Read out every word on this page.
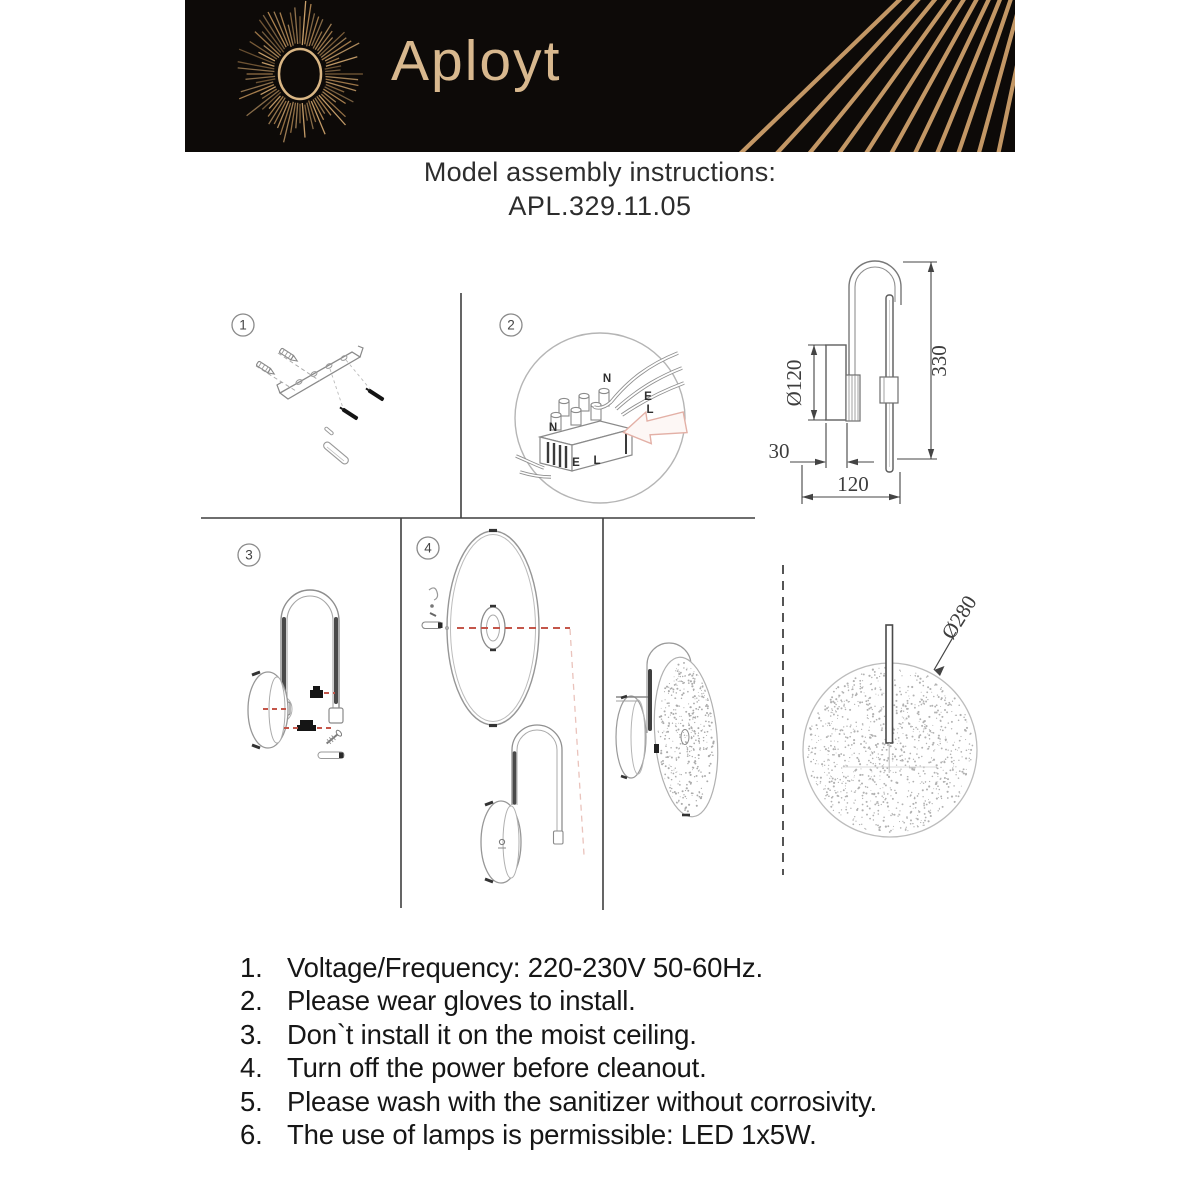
Aployt
Model assembly instructions:
APL.329.11.05
1	2
3	4
N
E
L
N
E L
Ø120	330
30
120
Ø280
1. Voltage/Frequency: 220-230V 50-60Hz.
2. Please wear gloves to install.
3. Don`t install it on the moist ceiling.
4. Turn off the power before cleanout.
5. Please wash with the sanitizer without corrosivity.
6. The use of lamps is permissible: LED 1x5W.
